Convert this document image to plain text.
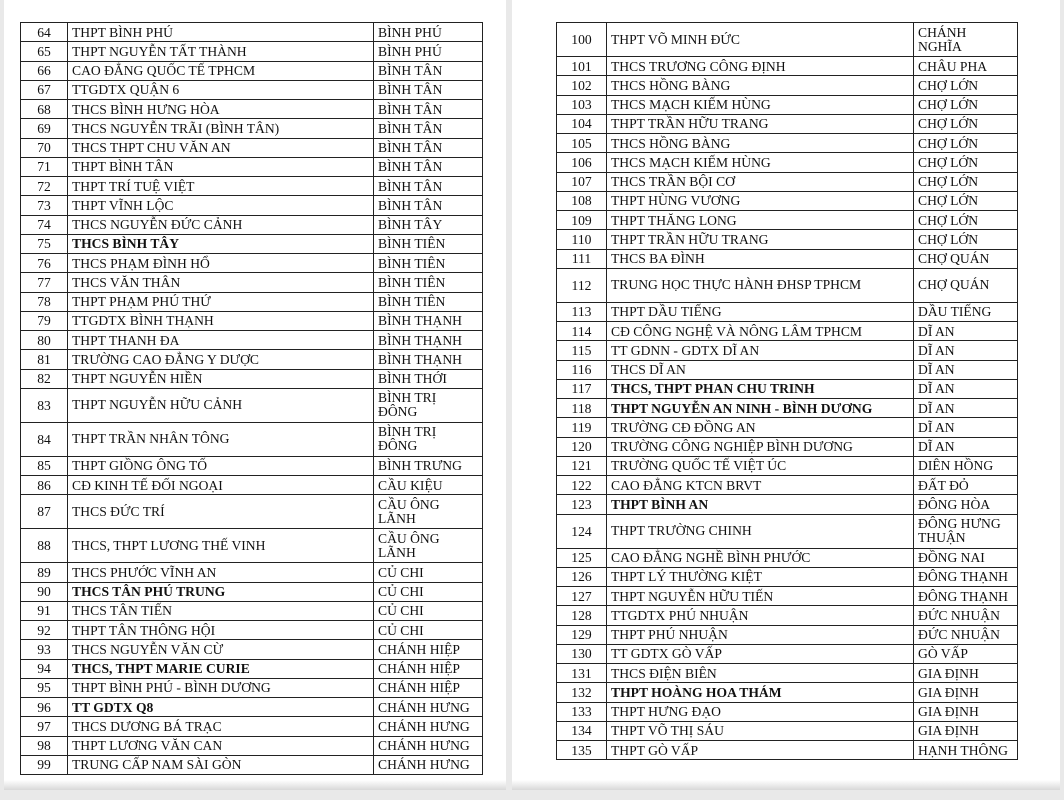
64	THPT BÌNH PHÚ	BÌNH PHÚ
65	THPT NGUYỄN TẤT THÀNH	BÌNH PHÚ
66	CAO ĐẲNG QUỐC TẾ TPHCM	BÌNH TÂN
67	TTGDTX QUẬN 6	BÌNH TÂN
68	THCS BÌNH HƯNG HÒA	BÌNH TÂN
69	THCS NGUYỄN TRÃI (BÌNH TÂN)	BÌNH TÂN
70	THCS THPT CHU VĂN AN	BÌNH TÂN
71	THPT BÌNH TÂN	BÌNH TÂN
72	THPT TRÍ TUỆ VIỆT	BÌNH TÂN
73	THPT VĨNH LỘC	BÌNH TÂN
74	THCS NGUYỄN ĐỨC CẢNH	BÌNH TÂY
75	THCS BÌNH TÂY	BÌNH TIÊN
76	THCS PHẠM ĐÌNH HỔ	BÌNH TIÊN
77	THCS VĂN THÂN	BÌNH TIÊN
78	THPT PHẠM PHÚ THỨ	BÌNH TIÊN
79	TTGDTX BÌNH THẠNH	BÌNH THẠNH
80	THPT THANH ĐA	BÌNH THẠNH
81	TRƯỜNG CAO ĐẲNG Y DƯỢC	BÌNH THẠNH
82	THPT NGUYỄN HIỀN	BÌNH THỚI
83	THPT NGUYỄN HỮU CẢNH	BÌNH TRỊ ĐÔNG
84	THPT TRẦN NHÂN TÔNG	BÌNH TRỊ ĐÔNG
85	THPT GIỒNG ÔNG TỐ	BÌNH TRƯNG
86	CĐ KINH TẾ ĐỐI NGOẠI	CẦU KIỆU
87	THCS ĐỨC TRÍ	CẦU ÔNG LÃNH
88	THCS, THPT LƯƠNG THẾ VINH	CẦU ÔNG LÃNH
89	THCS PHƯỚC VĨNH AN	CỦ CHI
90	THCS TÂN PHÚ TRUNG	CỦ CHI
91	THCS TÂN TIẾN	CỦ CHI
92	THPT TÂN THÔNG HỘI	CỦ CHI
93	THCS NGUYỄN VĂN CỪ	CHÁNH HIỆP
94	THCS, THPT MARIE CURIE	CHÁNH HIỆP
95	THPT BÌNH PHÚ - BÌNH DƯƠNG	CHÁNH HIỆP
96	TT GDTX Q8	CHÁNH HƯNG
97	THCS DƯƠNG BÁ TRẠC	CHÁNH HƯNG
98	THPT LƯƠNG VĂN CAN	CHÁNH HƯNG
99	TRUNG CẤP NAM SÀI GÒN	CHÁNH HƯNG
100	THPT VÕ MINH ĐỨC	CHÁNH NGHĨA
101	THCS TRƯƠNG CÔNG ĐỊNH	CHÂU PHA
102	THCS HỒNG BÀNG	CHỢ LỚN
103	THCS MẠCH KIẾM HÙNG	CHỢ LỚN
104	THPT TRẦN HỮU TRANG	CHỢ LỚN
105	THCS HỒNG BÀNG	CHỢ LỚN
106	THCS MẠCH KIẾM HÙNG	CHỢ LỚN
107	THCS TRẦN BỘI CƠ	CHỢ LỚN
108	THPT HÙNG VƯƠNG	CHỢ LỚN
109	THPT THĂNG LONG	CHỢ LỚN
110	THPT TRẦN HỮU TRANG	CHỢ LỚN
111	THCS BA ĐÌNH	CHỢ QUÁN
112	TRUNG HỌC THỰC HÀNH ĐHSP TPHCM	CHỢ QUÁN
113	THPT DẦU TIẾNG	DẦU TIẾNG
114	CĐ CÔNG NGHỆ VÀ NÔNG LÂM TPHCM	DĨ AN
115	TT GDNN - GDTX DĨ AN	DĨ AN
116	THCS DĨ AN	DĨ AN
117	THCS, THPT PHAN CHU TRINH	DĨ AN
118	THPT NGUYỄN AN NINH - BÌNH DƯƠNG	DĨ AN
119	TRƯỜNG CĐ ĐỒNG AN	DĨ AN
120	TRƯỜNG CÔNG NGHIỆP BÌNH DƯƠNG	DĨ AN
121	TRƯỜNG QUỐC TẾ VIỆT ÚC	DIÊN HỒNG
122	CAO ĐẲNG KTCN BRVT	ĐẤT ĐỎ
123	THPT BÌNH AN	ĐÔNG HÒA
124	THPT TRƯỜNG CHINH	ĐÔNG HƯNG THUẬN
125	CAO ĐẲNG NGHỀ BÌNH PHƯỚC	ĐỒNG NAI
126	THPT LÝ THƯỜNG KIỆT	ĐÔNG THẠNH
127	THPT NGUYỄN HỮU TIẾN	ĐÔNG THẠNH
128	TTGDTX PHÚ NHUẬN	ĐỨC NHUẬN
129	THPT PHÚ NHUẬN	ĐỨC NHUẬN
130	TT GDTX GÒ VẤP	GÒ VẤP
131	THCS ĐIỆN BIÊN	GIA ĐỊNH
132	THPT HOÀNG HOA THÁM	GIA ĐỊNH
133	THPT HƯNG ĐẠO	GIA ĐỊNH
134	THPT VÕ THỊ SÁU	GIA ĐỊNH
135	THPT GÒ VẤP	HẠNH THÔNG
